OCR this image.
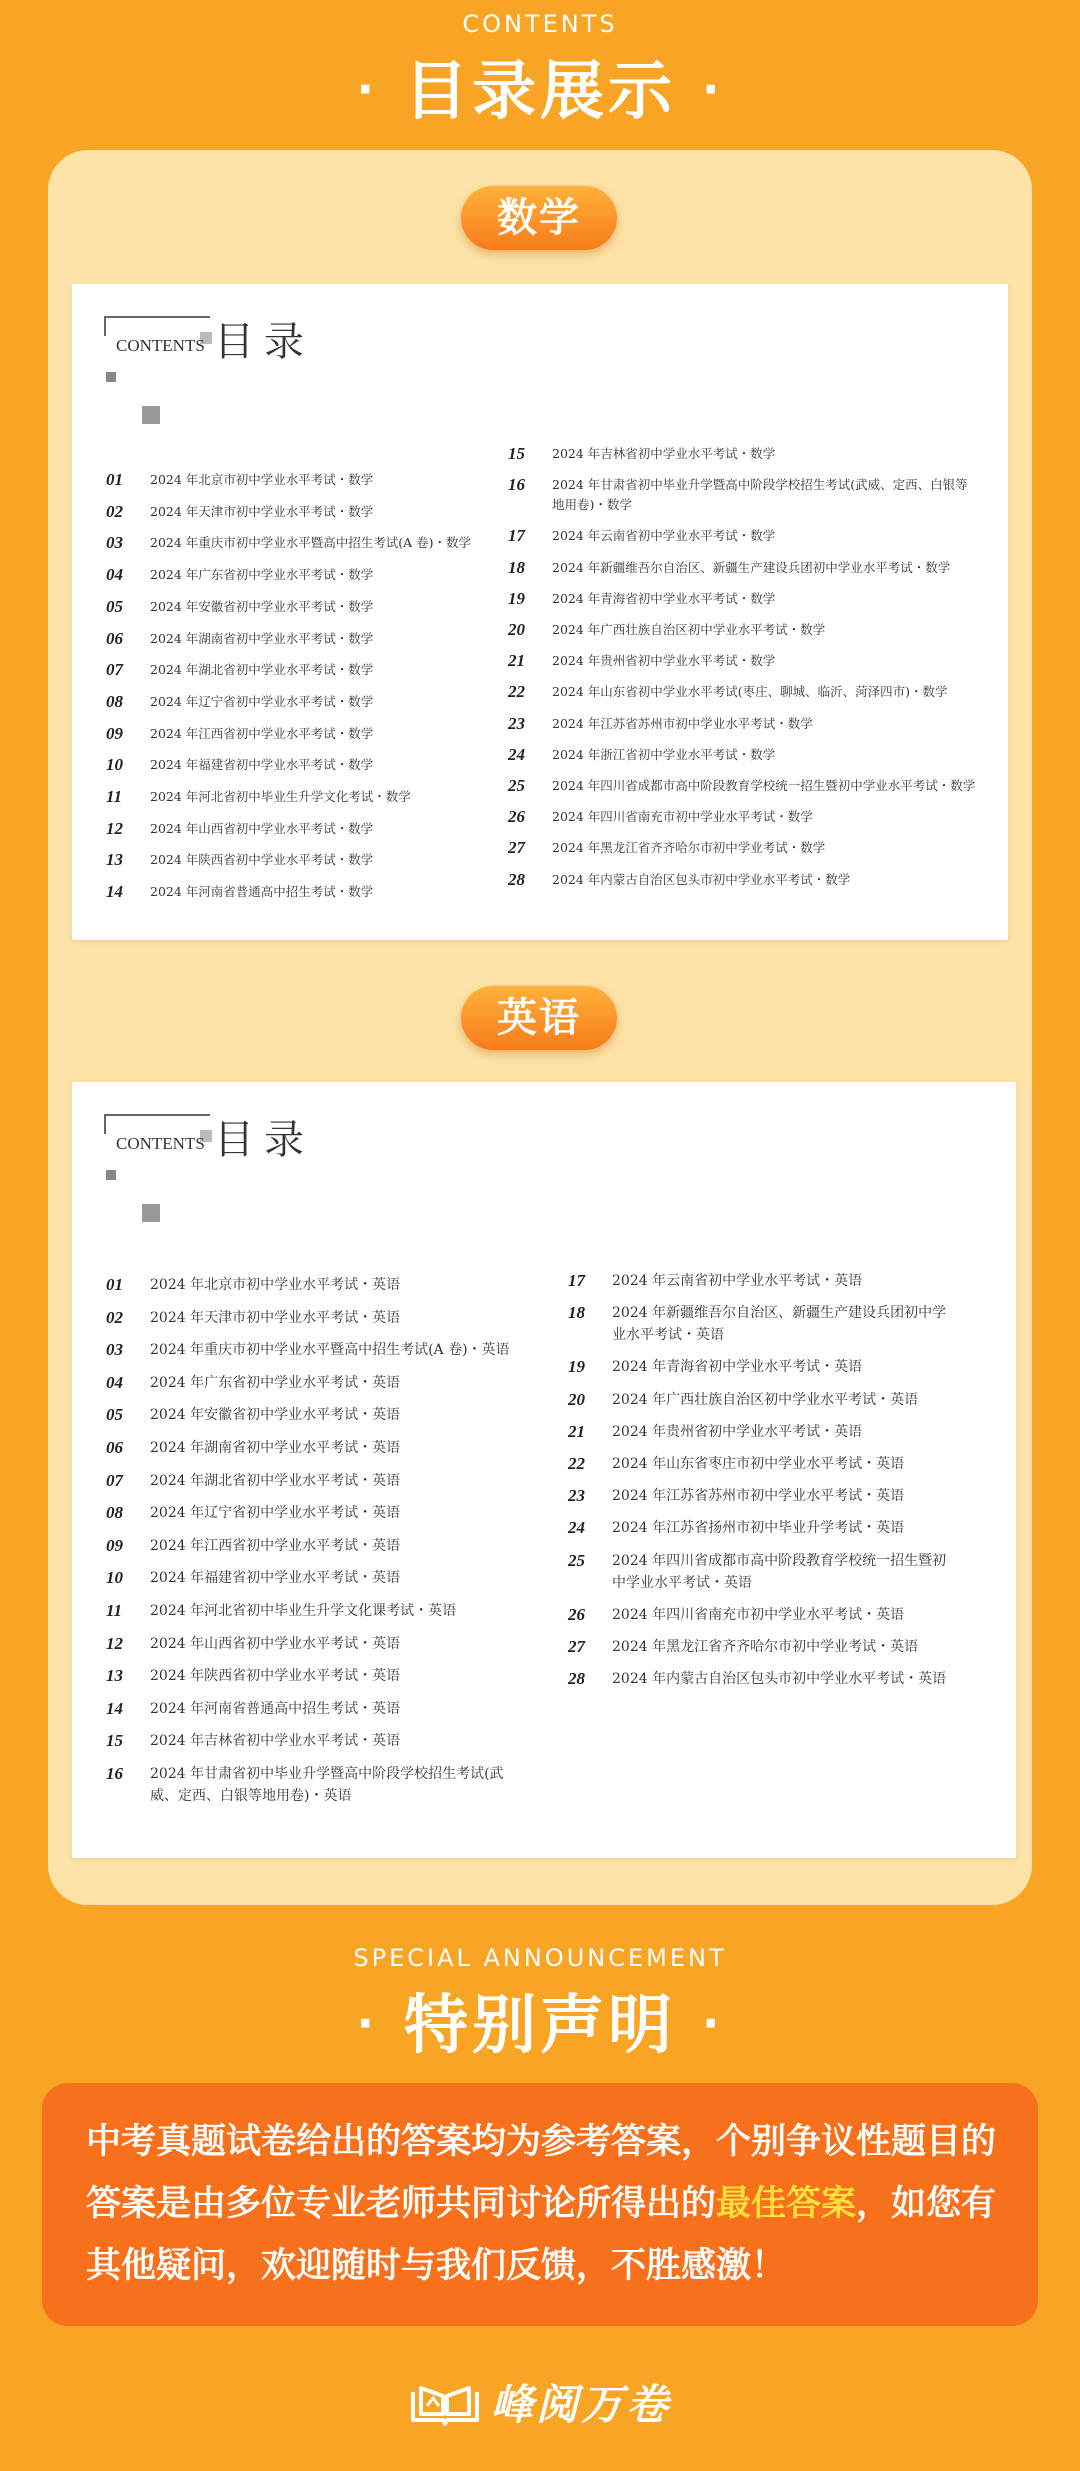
CONTENTS
· 目录展示 ·
数学
CONTENTS 目录
01	2024 年北京市初中学业水平考试・数学
02	2024 年天津市初中学业水平考试・数学
03	2024 年重庆市初中学业水平暨高中招生考试(A 卷)・数学
04	2024 年广东省初中学业水平考试・数学
05	2024 年安徽省初中学业水平考试・数学
06	2024 年湖南省初中学业水平考试・数学
07	2024 年湖北省初中学业水平考试・数学
08	2024 年辽宁省初中学业水平考试・数学
09	2024 年江西省初中学业水平考试・数学
10	2024 年福建省初中学业水平考试・数学
11	2024 年河北省初中毕业生升学文化考试・数学
12	2024 年山西省初中学业水平考试・数学
13	2024 年陕西省初中学业水平考试・数学
14	2024 年河南省普通高中招生考试・数学
15	2024 年吉林省初中学业水平考试・数学
16	2024 年甘肃省初中毕业升学暨高中阶段学校招生考试(武威、定西、白银等
地用卷)・数学
17	2024 年云南省初中学业水平考试・数学
18	2024 年新疆维吾尔自治区、新疆生产建设兵团初中学业水平考试・数学
19	2024 年青海省初中学业水平考试・数学
20	2024 年广西壮族自治区初中学业水平考试・数学
21	2024 年贵州省初中学业水平考试・数学
22	2024 年山东省初中学业水平考试(枣庄、聊城、临沂、菏泽四市)・数学
23	2024 年江苏省苏州市初中学业水平考试・数学
24	2024 年浙江省初中学业水平考试・数学
25	2024 年四川省成都市高中阶段教育学校统一招生暨初中学业水平考试・数学
26	2024 年四川省南充市初中学业水平考试・数学
27	2024 年黑龙江省齐齐哈尔市初中学业考试・数学
28	2024 年内蒙古自治区包头市初中学业水平考试・数学
英语
CONTENTS 目录
01	2024 年北京市初中学业水平考试・英语
02	2024 年天津市初中学业水平考试・英语
03	2024 年重庆市初中学业水平暨高中招生考试(A 卷)・英语
04	2024 年广东省初中学业水平考试・英语
05	2024 年安徽省初中学业水平考试・英语
06	2024 年湖南省初中学业水平考试・英语
07	2024 年湖北省初中学业水平考试・英语
08	2024 年辽宁省初中学业水平考试・英语
09	2024 年江西省初中学业水平考试・英语
10	2024 年福建省初中学业水平考试・英语
11	2024 年河北省初中毕业生升学文化课考试・英语
12	2024 年山西省初中学业水平考试・英语
13	2024 年陕西省初中学业水平考试・英语
14	2024 年河南省普通高中招生考试・英语
15	2024 年吉林省初中学业水平考试・英语
16	2024 年甘肃省初中毕业升学暨高中阶段学校招生考试(武
威、定西、白银等地用卷)・英语
17	2024 年云南省初中学业水平考试・英语
18	2024 年新疆维吾尔自治区、新疆生产建设兵团初中学
业水平考试・英语
19	2024 年青海省初中学业水平考试・英语
20	2024 年广西壮族自治区初中学业水平考试・英语
21	2024 年贵州省初中学业水平考试・英语
22	2024 年山东省枣庄市初中学业水平考试・英语
23	2024 年江苏省苏州市初中学业水平考试・英语
24	2024 年江苏省扬州市初中毕业升学考试・英语
25	2024 年四川省成都市高中阶段教育学校统一招生暨初
中学业水平考试・英语
26	2024 年四川省南充市初中学业水平考试・英语
27	2024 年黑龙江省齐齐哈尔市初中学业考试・英语
28	2024 年内蒙古自治区包头市初中学业水平考试・英语
SPECIAL ANNOUNCEMENT
· 特别声明 ·

中考真题试卷给出的答案均为参考答案，个别争议性题目的答案是由多位专业老师共同讨论所得出的最佳答案，如您有其他疑问，欢迎随时与我们反馈，不胜感激！

峰阅万卷
